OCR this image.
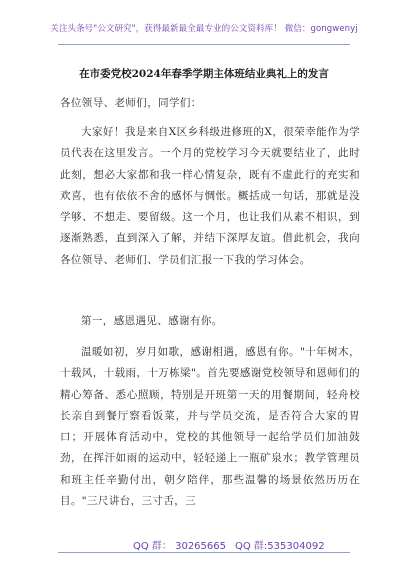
关注头条号"公文研究"，获得最新最全最专业的公文资料库！ 微信：gongwenyj
在市委党校2024年春季学期主体班结业典礼上的发言

各位领导、老师们，同学们：

大家好！我是来自X区乡科级进修班的X，很荣幸能作为学员代表在这里发言。一个月的党校学习今天就要结业了，此时此刻，想必大家都和我一样心情复杂，既有不虚此行的充实和欢喜，也有依依不舍的感怀与惆怅。概括成一句话，那就是没学够、不想走、要留级。这一个月，也让我们从素不相识，到逐渐熟悉，直到深入了解，并结下深厚友谊。借此机会，我向各位领导、老师们、学员们汇报一下我的学习体会。

第一，感恩遇见、感谢有你。

温暖如初，岁月如歌，感谢相遇，感恩有你。"十年树木，十载风，十载雨，十万栋梁"。首先要感谢党校领导和恩师们的精心筹备、悉心照顾，特别是开班第一天的用餐期间，轻舟校长亲自到餐厅察看饭菜，并与学员交流，是否符合大家的胃口；开展体育活动中，党校的其他领导一起给学员们加油鼓劲，在挥汗如雨的运动中，轻轻递上一瓶矿泉水；教学管理员和班主任辛勤付出，朝夕陪伴，那些温馨的场景依然历历在目。"三尺讲台，三寸舌，三

QQ 群： 30265665 QQ 群:535304092
